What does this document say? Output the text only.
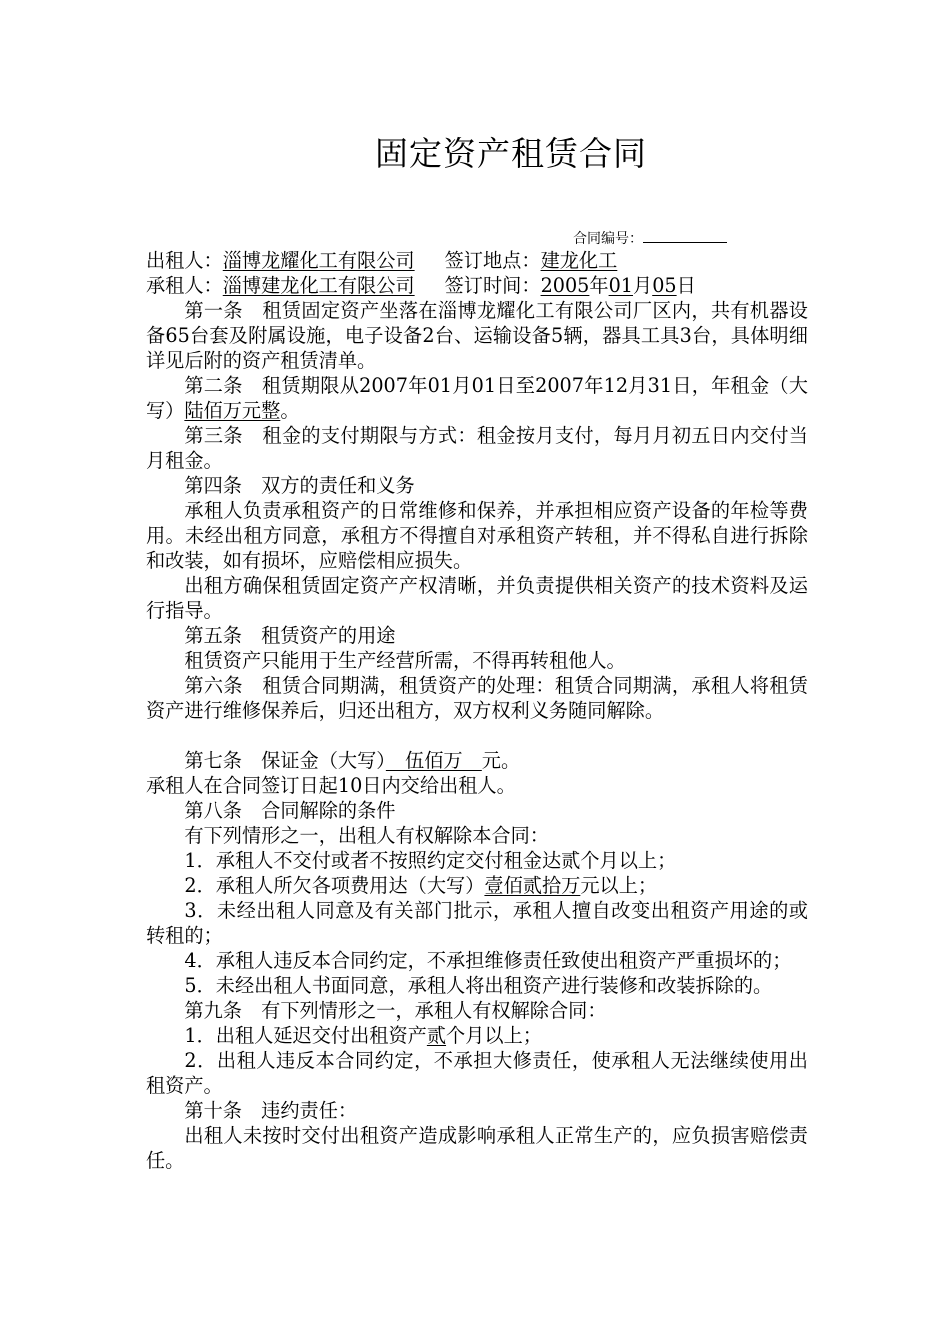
固定资产租赁合同
合同编号：
出租人：淄博龙耀化工有限公司 签订地点：建龙化工
承租人：淄博建龙化工有限公司 签订时间：2005年01月05日

第一条　租赁固定资产坐落在淄博龙耀化工有限公司厂区内，共有机器设备65台套及附属设施，电子设备2台、运输设备5辆，器具工具3台，具体明细详见后附的资产租赁清单。

第二条　租赁期限从2007年01月01日至2007年12月31日，年租金（大写）陆佰万元整。

第三条　租金的支付期限与方式：租金按月支付，每月月初五日内交付当月租金。

第四条　双方的责任和义务

承租人负责承租资产的日常维修和保养，并承担相应资产设备的年检等费用。未经出租方同意，承租方不得擅自对承租资产转租，并不得私自进行拆除和改装，如有损坏，应赔偿相应损失。

出租方确保租赁固定资产产权清晰，并负责提供相关资产的技术资料及运行指导。

第五条　租赁资产的用途

租赁资产只能用于生产经营所需，不得再转租他人。

第六条　租赁合同期满，租赁资产的处理：租赁合同期满，承租人将租赁资产进行维修保养后，归还出租方，双方权利义务随同解除。

第七条　保证金（大写）　伍佰万　元。

承租人在合同签订日起10日内交给出租人。

第八条　合同解除的条件

有下列情形之一，出租人有权解除本合同：

1．承租人不交付或者不按照约定交付租金达贰个月以上；

2．承租人所欠各项费用达（大写）壹佰贰拾万元以上；

3．未经出租人同意及有关部门批示，承租人擅自改变出租资产用途的或转租的；

4．承租人违反本合同约定，不承担维修责任致使出租资产严重损坏的；

5．未经出租人书面同意，承租人将出租资产进行装修和改装拆除的。

第九条　有下列情形之一，承租人有权解除合同：

1．出租人延迟交付出租资产贰个月以上；

2．出租人违反本合同约定，不承担大修责任，使承租人无法继续使用出租资产。

第十条　违约责任：

出租人未按时交付出租资产造成影响承租人正常生产的，应负损害赔偿责任。
